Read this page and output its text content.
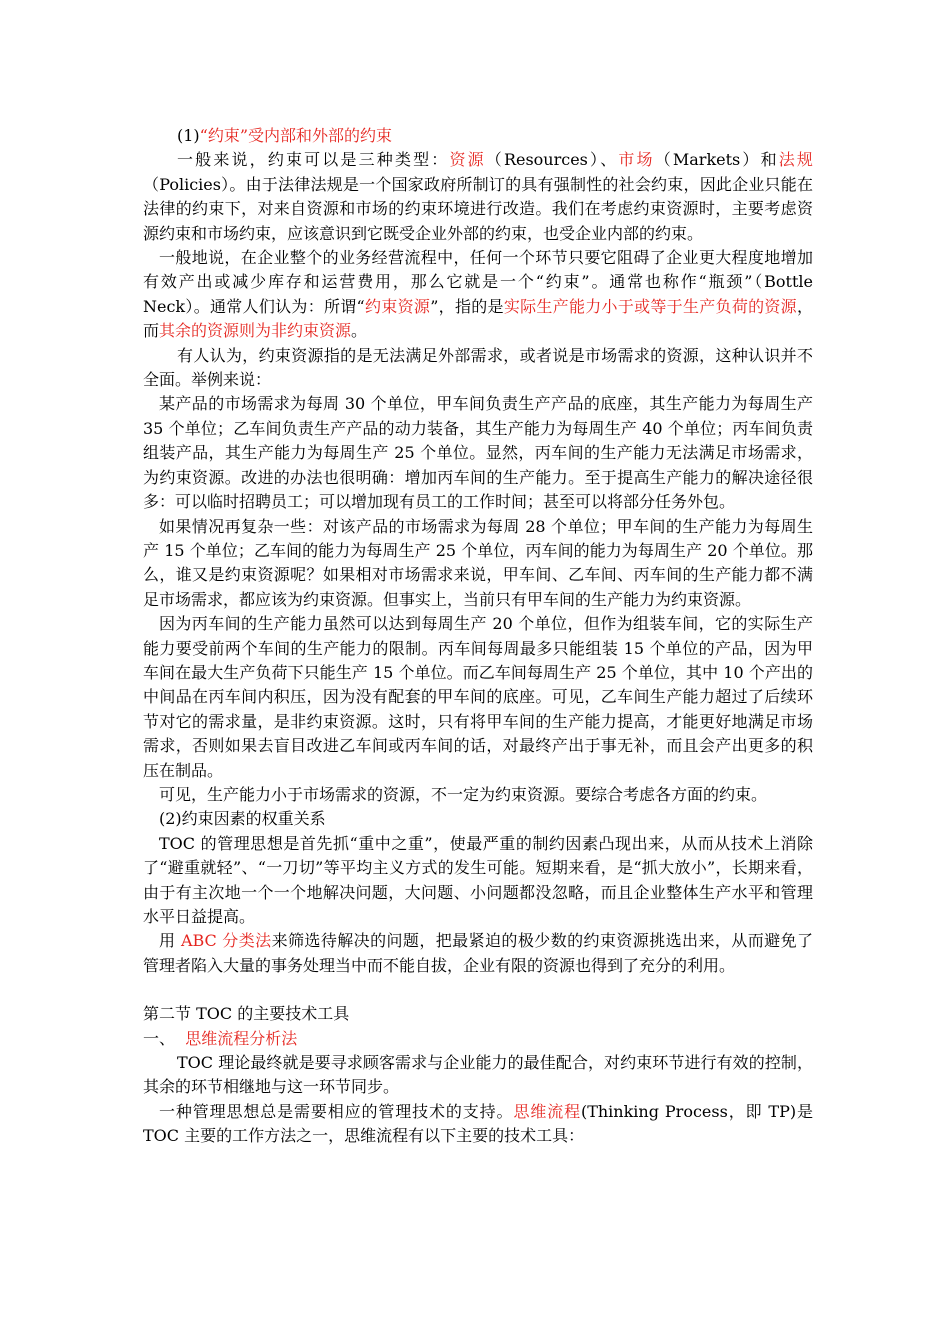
(1)“约束”受内部和外部的约束

一般来说，约束可以是三种类型：资源（Resources）、市场（Markets）和法规（Policies）。由于法律法规是一个国家政府所制订的具有强制性的社会约束，因此企业只能在法律的约束下，对来自资源和市场的约束环境进行改造。我们在考虑约束资源时，主要考虑资源约束和市场约束，应该意识到它既受企业外部的约束，也受企业内部的约束。

一般地说，在企业整个的业务经营流程中，任何一个环节只要它阻碍了企业更大程度地增加有效产出或减少库存和运营费用，那么它就是一个“约束”。通常也称作“瓶颈”（Bottle Neck）。通常人们认为：所谓“约束资源”，指的是实际生产能力小于或等于生产负荷的资源，而其余的资源则为非约束资源。

有人认为，约束资源指的是无法满足外部需求，或者说是市场需求的资源，这种认识并不全面。举例来说：

某产品的市场需求为每周 30 个单位，甲车间负责生产产品的底座，其生产能力为每周生产 35 个单位；乙车间负责生产产品的动力装备，其生产能力为每周生产 40 个单位；丙车间负责组装产品，其生产能力为每周生产 25 个单位。显然，丙车间的生产能力无法满足市场需求，为约束资源。改进的办法也很明确：增加丙车间的生产能力。至于提高生产能力的解决途径很多：可以临时招聘员工；可以增加现有员工的工作时间；甚至可以将部分任务外包。

如果情况再复杂一些：对该产品的市场需求为每周 28 个单位；甲车间的生产能力为每周生产 15 个单位；乙车间的能力为每周生产 25 个单位，丙车间的能力为每周生产 20 个单位。那么，谁又是约束资源呢？如果相对市场需求来说，甲车间、乙车间、丙车间的生产能力都不满足市场需求，都应该为约束资源。但事实上，当前只有甲车间的生产能力为约束资源。

因为丙车间的生产能力虽然可以达到每周生产 20 个单位，但作为组装车间，它的实际生产能力要受前两个车间的生产能力的限制。丙车间每周最多只能组装 15 个单位的产品，因为甲车间在最大生产负荷下只能生产 15 个单位。而乙车间每周生产 25 个单位，其中 10 个产出的中间品在丙车间内积压，因为没有配套的甲车间的底座。可见，乙车间生产能力超过了后续环节对它的需求量，是非约束资源。这时，只有将甲车间的生产能力提高，才能更好地满足市场需求，否则如果去盲目改进乙车间或丙车间的话，对最终产出于事无补，而且会产出更多的积压在制品。

可见，生产能力小于市场需求的资源，不一定为约束资源。要综合考虑各方面的约束。

(2)约束因素的权重关系

TOC 的管理思想是首先抓“重中之重”，使最严重的制约因素凸现出来，从而从技术上消除了“避重就轻”、“一刀切”等平均主义方式的发生可能。短期来看，是“抓大放小”，长期来看，由于有主次地一个一个地解决问题，大问题、小问题都没忽略，而且企业整体生产水平和管理水平日益提高。

用 ABC 分类法来筛选待解决的问题，把最紧迫的极少数的约束资源挑选出来，从而避免了管理者陷入大量的事务处理当中而不能自拔，企业有限的资源也得到了充分的利用。

第二节 TOC 的主要技术工具

一、  思维流程分析法

TOC 理论最终就是要寻求顾客需求与企业能力的最佳配合，对约束环节进行有效的控制，其余的环节相继地与这一环节同步。

一种管理思想总是需要相应的管理技术的支持。思维流程(Thinking Process，即 TP)是 TOC 主要的工作方法之一，思维流程有以下主要的技术工具：
